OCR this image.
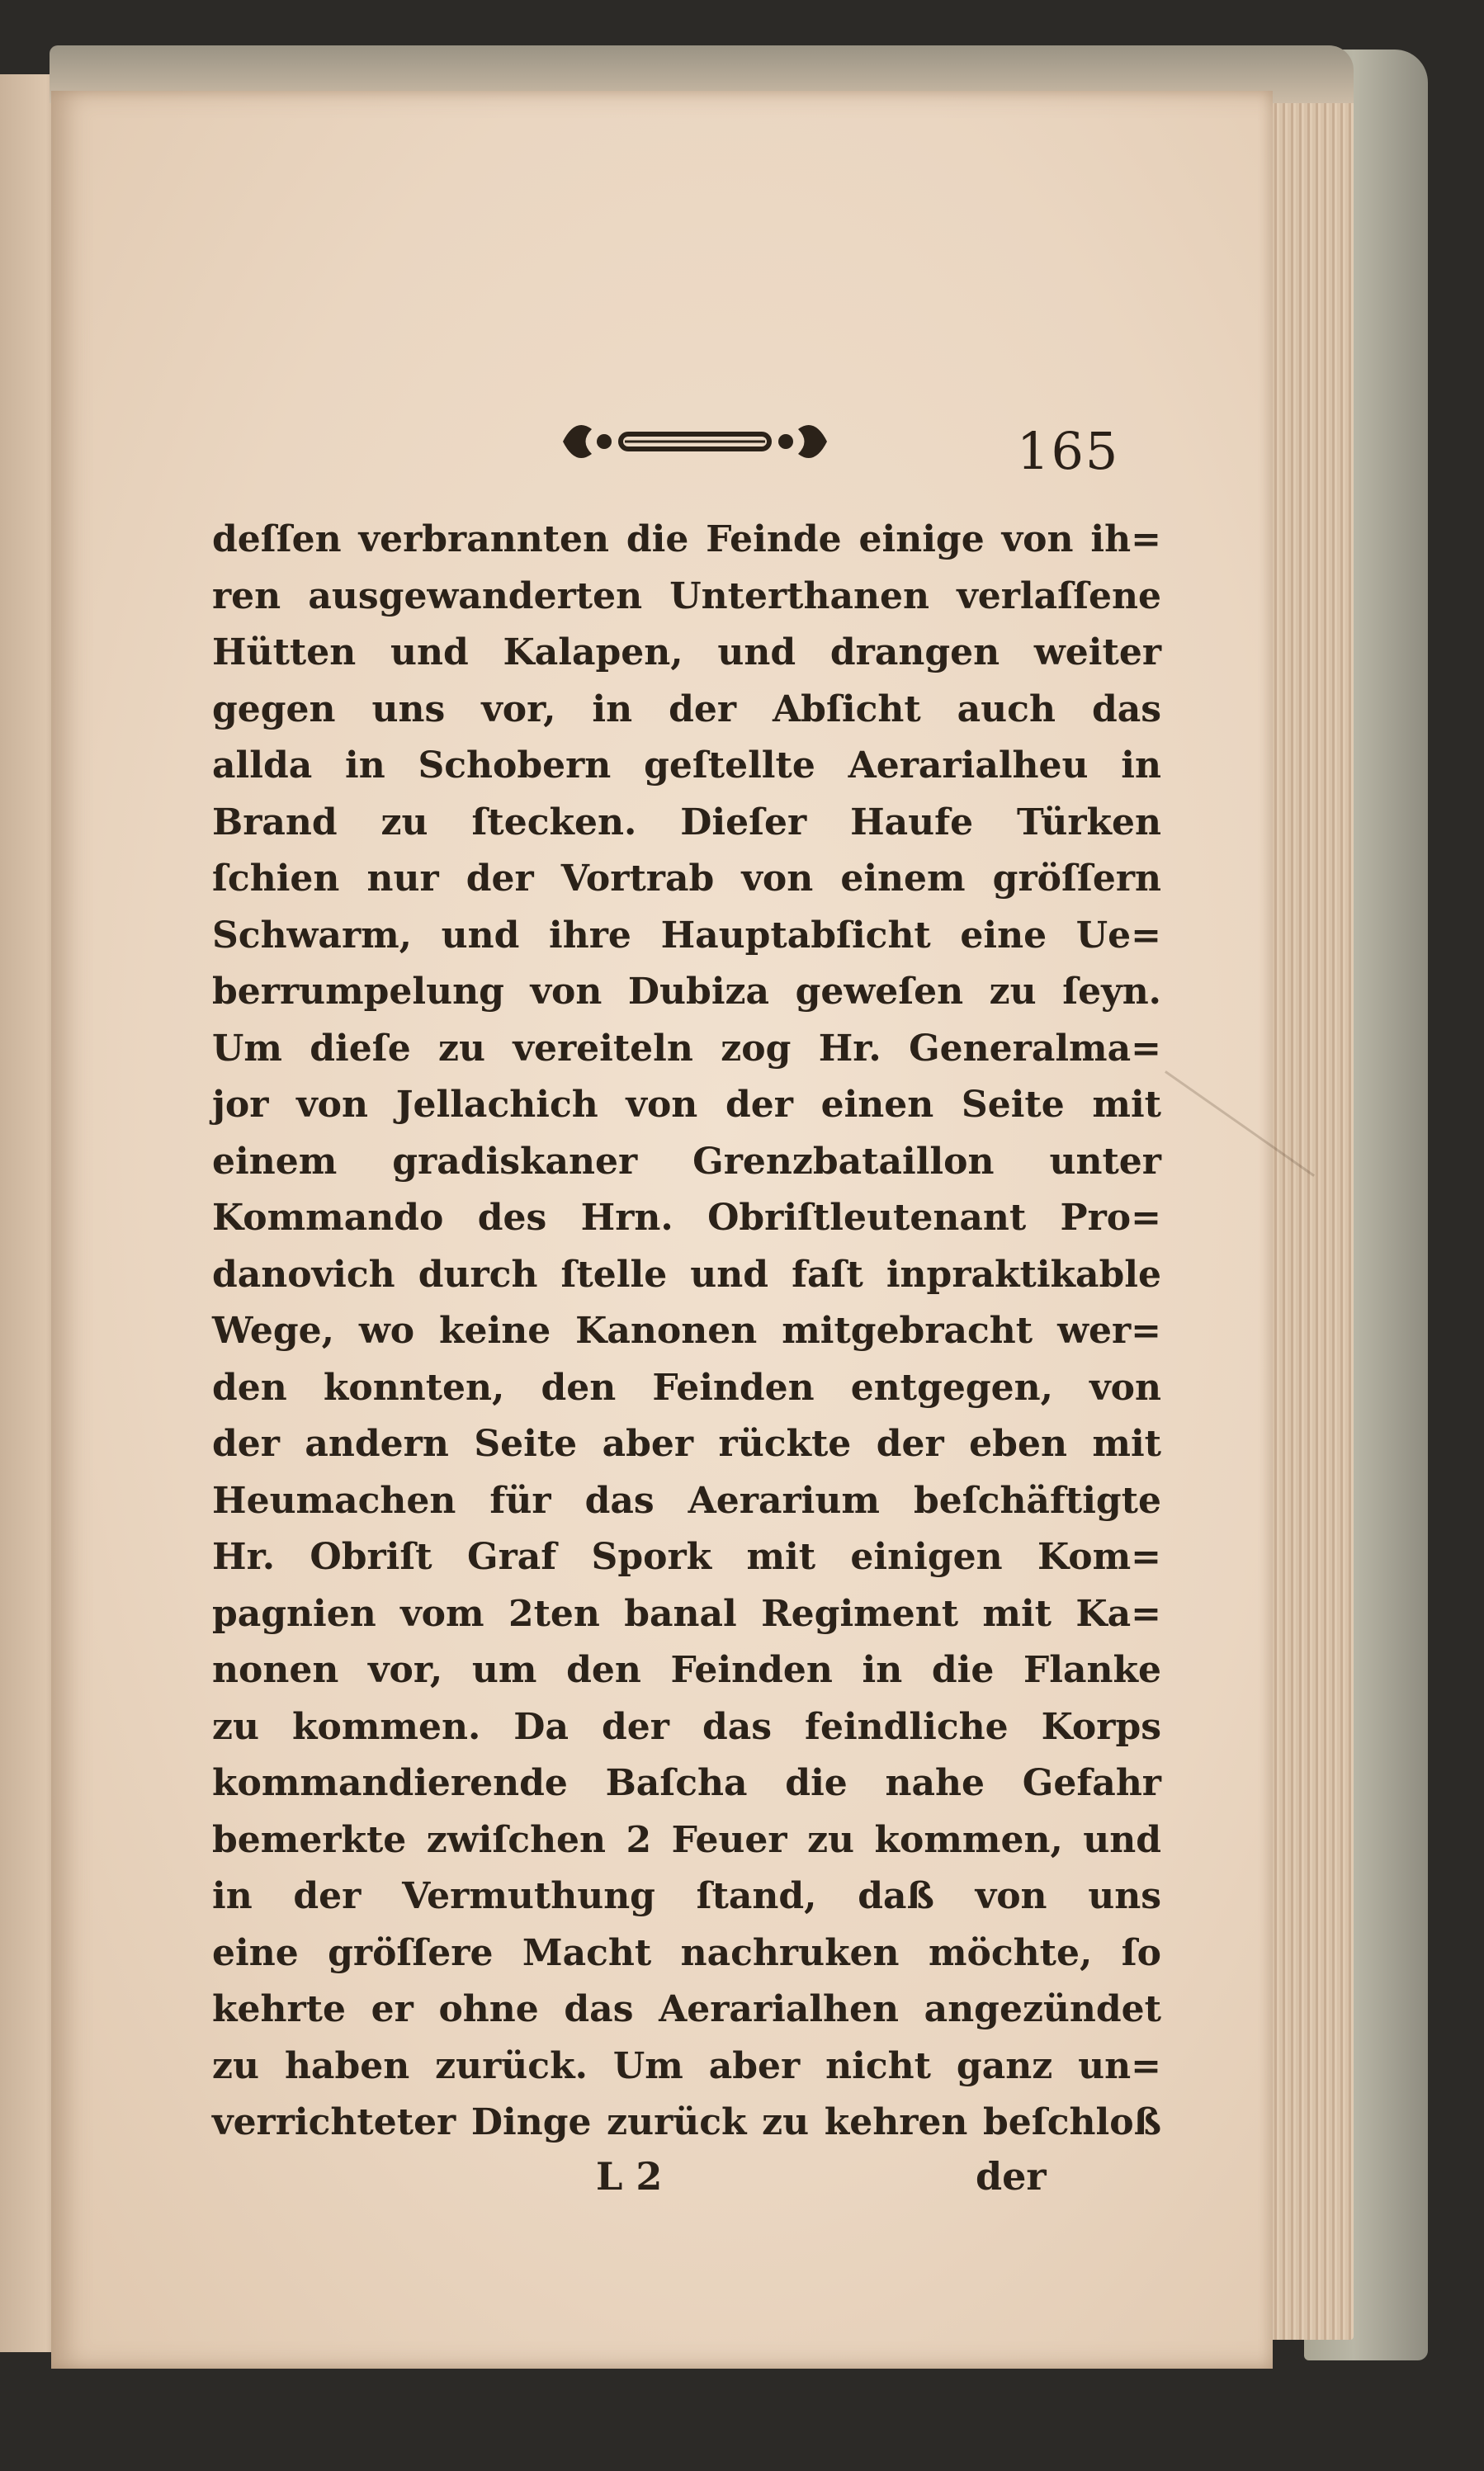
165
deſſen verbrannten die Feinde einige von ih=
ren ausgewanderten Unterthanen verlaſſene
Hütten und Kalapen, und drangen weiter
gegen uns vor, in der Abſicht auch das
allda in Schobern geſtellte Aerarialheu in
Brand zu ſtecken. Dieſer Haufe Türken
ſchien nur der Vortrab von einem gröſſern
Schwarm, und ihre Hauptabſicht eine Ue=
berrumpelung von Dubiza geweſen zu ſeyn.
Um dieſe zu vereiteln zog Hr. Generalma=
jor von Jellachich von der einen Seite mit
einem gradiskaner Grenzbataillon unter
Kommando des Hrn. Obriſtleutenant Pro=
danovich durch ſtelle und faſt inpraktikable
Wege, wo keine Kanonen mitgebracht wer=
den konnten, den Feinden entgegen, von
der andern Seite aber rückte der eben mit
Heumachen für das Aerarium beſchäftigte
Hr. Obriſt Graf Spork mit einigen Kom=
pagnien vom 2ten banal Regiment mit Ka=
nonen vor, um den Feinden in die Flanke
zu kommen. Da der das feindliche Korps
kommandierende Baſcha die nahe Gefahr
bemerkte zwiſchen 2 Feuer zu kommen, und
in der Vermuthung ſtand, daß von uns
eine gröſſere Macht nachruken möchte, ſo
kehrte er ohne das Aerarialhen angezündet
zu haben zurück. Um aber nicht ganz un=
verrichteter Dinge zurück zu kehren beſchloß
L 2	der
